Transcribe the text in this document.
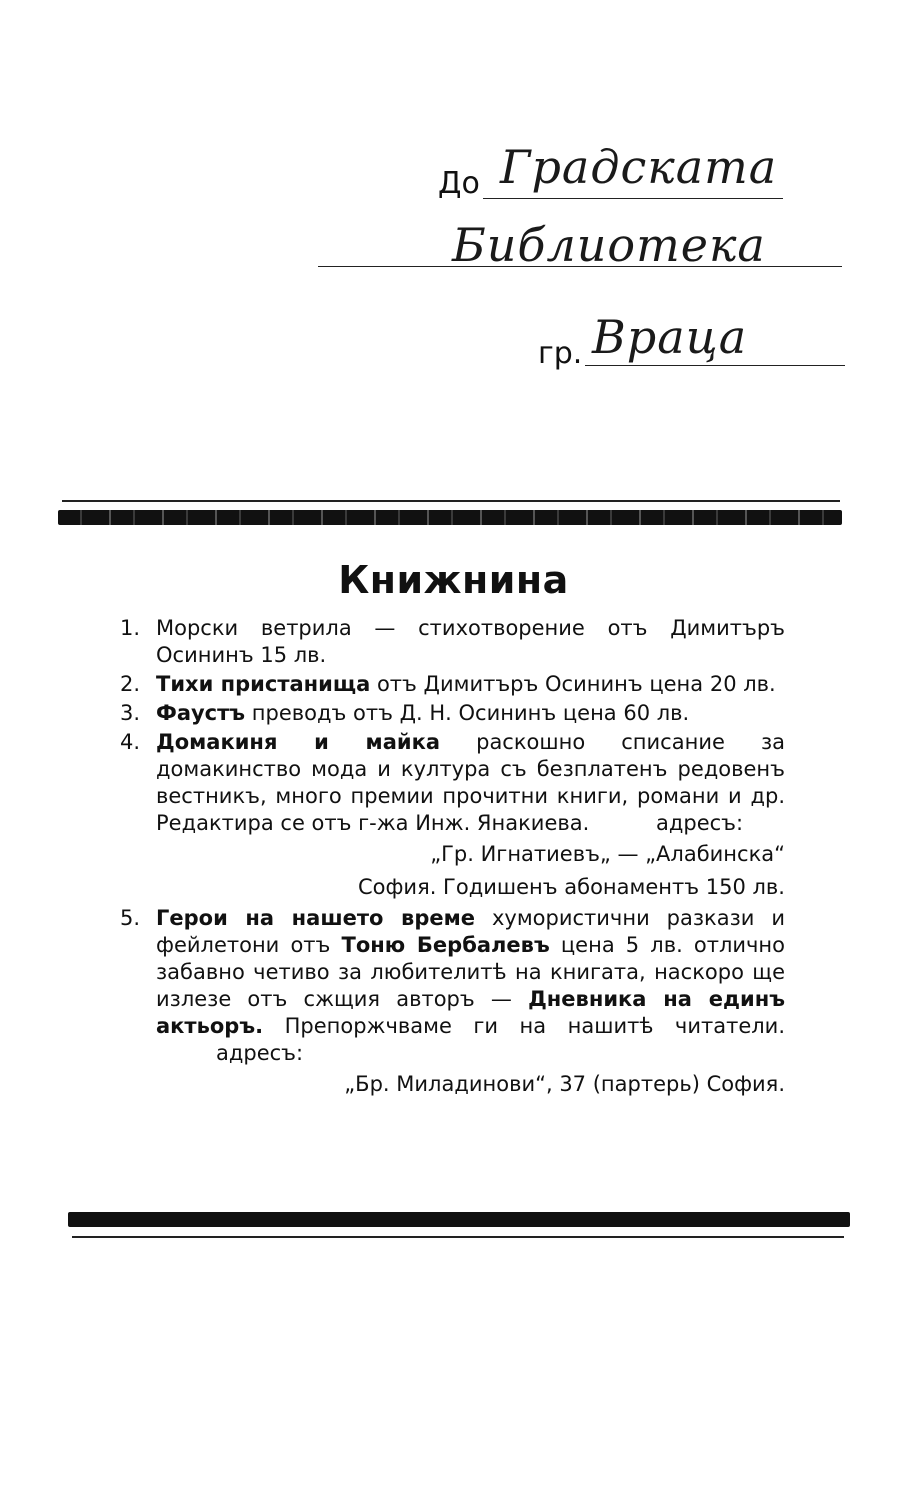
До Градската
Библиотека
гр. Враца
Книжнина
1. Морски ветрила — стихотворение отъ Димитъръ Осининъ 15 лв.
2. Тихи пристанища отъ Димитъръ Осининъ цена 20 лв.
3. Фаустъ преводъ отъ Д. Н. Осининъ цена 60 лв.
4. Домакиня и майка раскошно списание за домакинство мода и култура съ безплатенъ редовенъ вестникъ, много премии прочитни книги, романи и др. Редактира се отъ г-жа Инж. Янакиева.	адресъ:
„Гр. Игнатиевъ„ — „Алабинска“
София. Годишенъ абонаментъ 150 лв.
5. Герои на нашето време хумористични разкази и фейлетони отъ Тоню Бербалевъ цена 5 лв. отлично забавно четиво за любителитѣ на книгата, наскоро ще излезе отъ сжщия авторъ — Дневника на единъ актьоръ. Препоржчваме ги на нашитѣ читатели. адресъ:
„Бр. Миладинови“, 37 (партерь) София.
